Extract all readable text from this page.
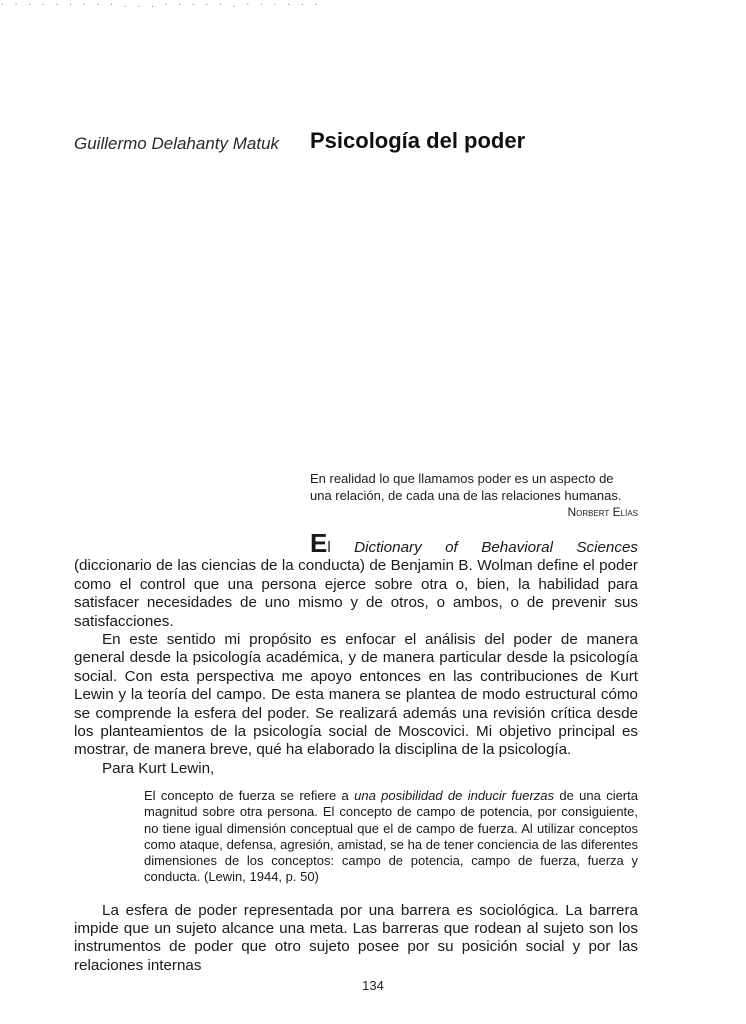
· · · · · · · · · . . . · · · · · . · · · · · ·
Guillermo Delahanty Matuk Psicología del poder
En realidad lo que llamamos poder es un aspecto de
una relación, de cada una de las relaciones humanas.
Norbert Elías

El Dictionary of Behavioral Sciences (diccionario de las ciencias de la conducta) de Benjamin B. Wolman define el poder como el control que una persona ejerce sobre otra o, bien, la habilidad para satisfacer necesidades de uno mismo y de otros, o ambos, o de prevenir sus satisfacciones.

En este sentido mi propósito es enfocar el análisis del poder de manera general desde la psicología académica, y de manera particular desde la psicología social. Con esta perspectiva me apoyo entonces en las contribuciones de Kurt Lewin y la teoría del campo. De esta manera se plantea de modo estructural cómo se comprende la esfera del poder. Se realizará además una revisión crítica desde los planteamientos de la psicología social de Moscovici. Mi objetivo principal es mostrar, de manera breve, qué ha elaborado la disciplina de la psicología.

Para Kurt Lewin,

El concepto de fuerza se refiere a una posibilidad de inducir fuerzas de una cierta magnitud sobre otra persona. El concepto de campo de potencia, por consiguiente, no tiene igual dimensión conceptual que el de campo de fuerza. Al utilizar conceptos como ataque, defensa, agresión, amistad, se ha de tener conciencia de las diferentes dimensiones de los conceptos: campo de potencia, campo de fuerza, fuerza y conducta. (Lewin, 1944, p. 50)

La esfera de poder representada por una barrera es sociológica. La barrera impide que un sujeto alcance una meta. Las barreras que rodean al sujeto son los instrumentos de poder que otro sujeto posee por su posición social y por las relaciones internas

134
